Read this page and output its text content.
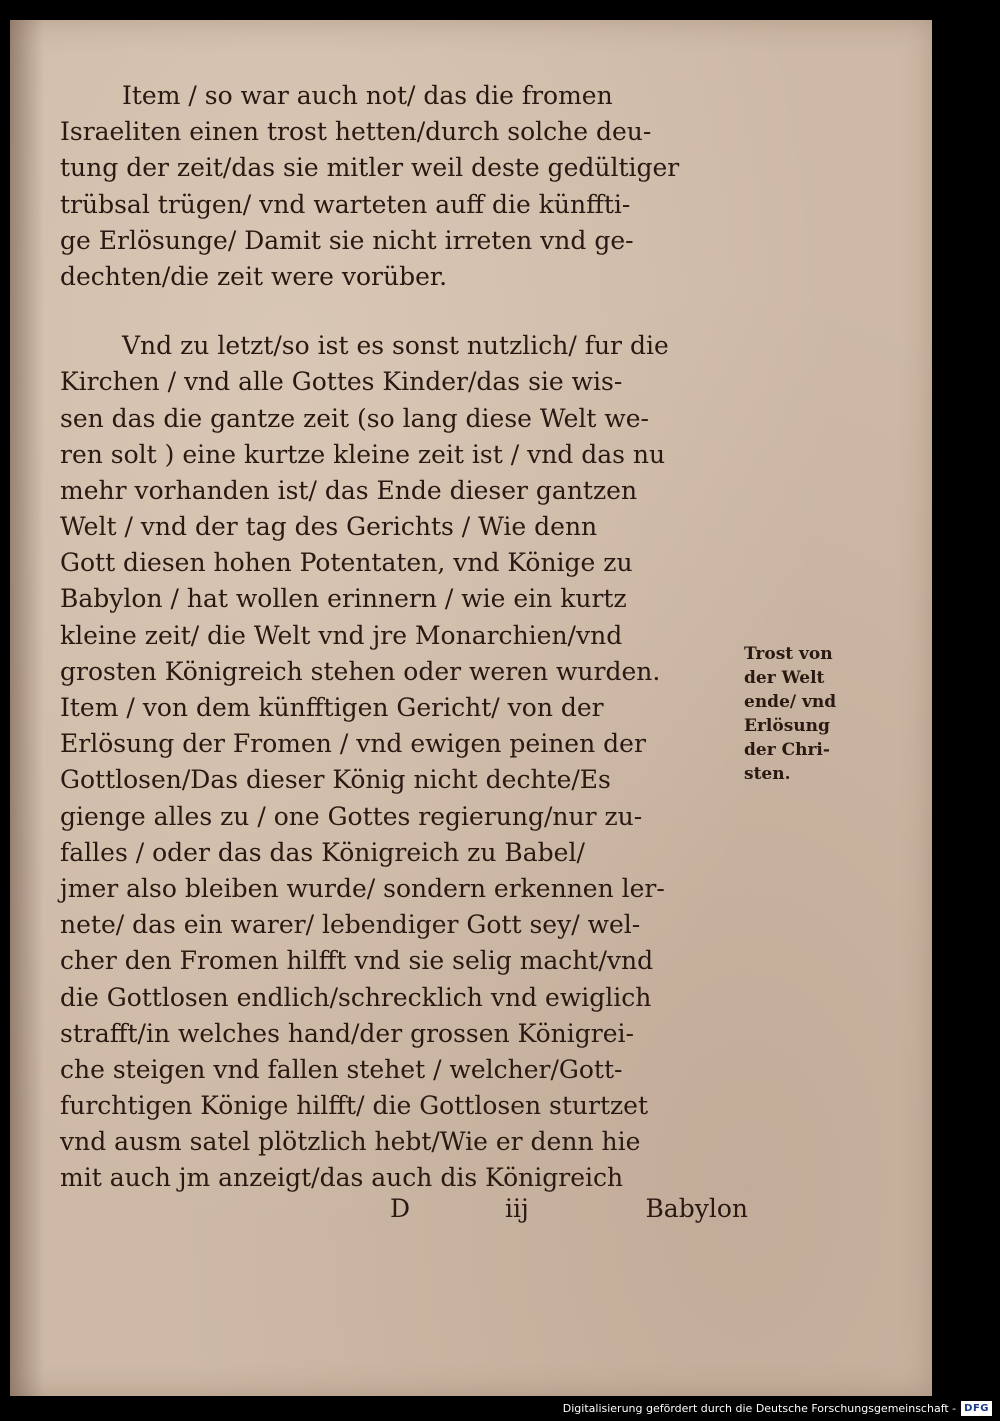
Item / so war auch not/ das die fromen
Israeliten einen trost hetten/durch solche deu-
tung der zeit/das sie mitler weil deste gedültiger
trübsal trügen/ vnd warteten auff die künffti-
ge Erlösunge/ Damit sie nicht irreten vnd ge-
dechten/die zeit were vorüber.
Vnd zu letzt/so ist es sonst nutzlich/ fur die
Kirchen / vnd alle Gottes Kinder/das sie wis-
sen das die gantze zeit (so lang diese Welt we-
ren solt ) eine kurtze kleine zeit ist / vnd das nu
mehr vorhanden ist/ das Ende dieser gantzen
Welt / vnd der tag des Gerichts / Wie denn
Gott diesen hohen Potentaten, vnd Könige zu
Babylon / hat wollen erinnern / wie ein kurtz
kleine zeit/ die Welt vnd jre Monarchien/vnd
grosten Königreich stehen oder weren wurden.
Item / von dem künfftigen Gericht/ von der
Erlösung der Fromen / vnd ewigen peinen der
Gottlosen/Das dieser König nicht dechte/Es
gienge alles zu / one Gottes regierung/nur zu-
falles / oder das das Königreich zu Babel/
jmer also bleiben wurde/ sondern erkennen ler-
nete/ das ein warer/ lebendiger Gott sey/ wel-
cher den Fromen hilfft vnd sie selig macht/vnd
die Gottlosen endlich/schrecklich vnd ewiglich
strafft/in welches hand/der grossen Königrei-
che steigen vnd fallen stehet / welcher/Gott-
furchtigen Könige hilfft/ die Gottlosen sturtzet
vnd ausm satel plötzlich hebt/Wie er denn hie
mit auch jm anzeigt/das auch dis Königreich
Trost von
der Welt
ende/ vnd
Erlösung
der Chri-
sten.
D	iij	Babylon
Digitalisierung gefördert durch die Deutsche Forschungsgemeinschaft - DFG
